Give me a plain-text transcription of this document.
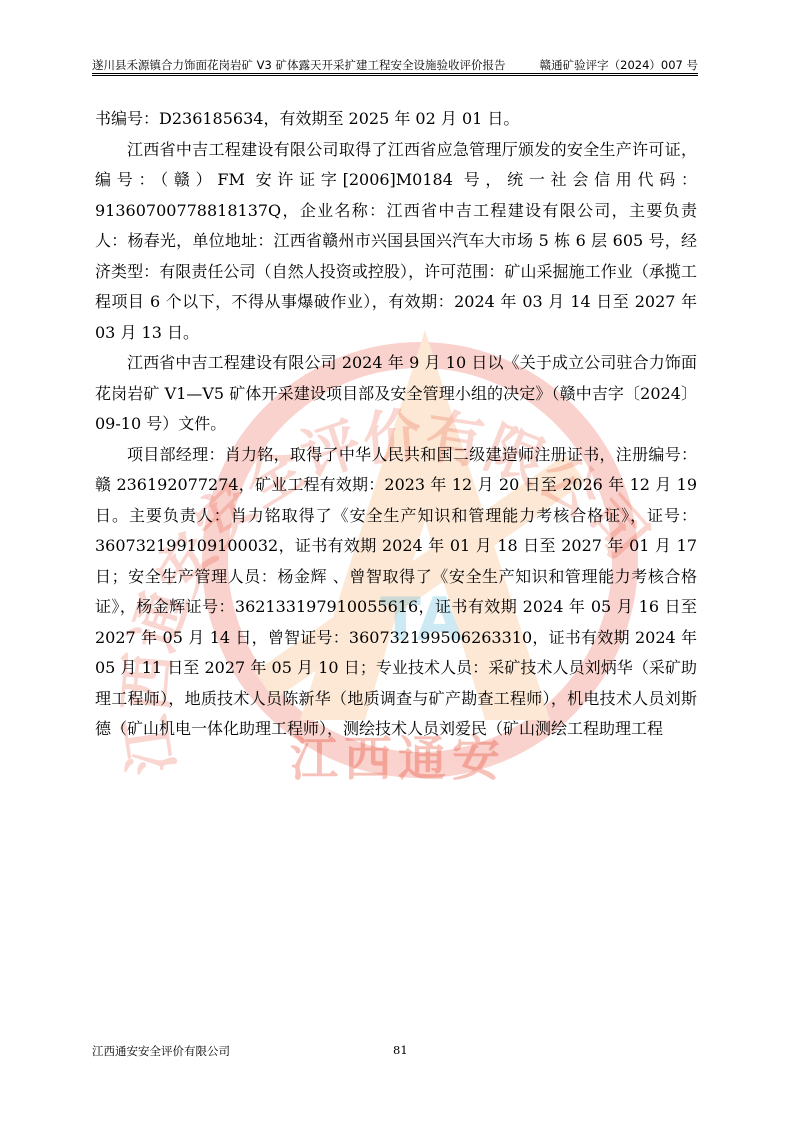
遂川县禾源镇合力饰面花岗岩矿 V3 矿体露天开采扩建工程安全设施验收评价报告	赣通矿验评字（2024）007 号
TA
江西通安安全评价有限公司
江西通安

书编号：D236185634，有效期至 2025 年 02 月 01 日。

江西省中吉工程建设有限公司取得了江西省应急管理厅颁发的安全生产许可证，编号：（赣）FM 安许证字[2006]M0184 号，统一社会信用代码：91360700778818137Q，企业名称：江西省中吉工程建设有限公司，主要负责人：杨春光，单位地址：江西省赣州市兴国县国兴汽车大市场 5 栋 6 层 605 号，经济类型：有限责任公司（自然人投资或控股），许可范围：矿山采掘施工作业（承揽工程项目 6 个以下，不得从事爆破作业），有效期：2024 年 03 月 14 日至 2027 年 03 月 13 日。

江西省中吉工程建设有限公司 2024 年 9 月 10 日以《关于成立公司驻合力饰面花岗岩矿 V1—V5 矿体开采建设项目部及安全管理小组的决定》（赣中吉字〔2024〕09-10 号）文件。

项目部经理：肖力铭，取得了中华人民共和国二级建造师注册证书，注册编号：赣 236192077274，矿业工程有效期：2023 年 12 月 20 日至 2026 年 12 月 19 日。主要负责人：肖力铭取得了《安全生产知识和管理能力考核合格证》，证号：360732199109100032，证书有效期 2024 年 01 月 18 日至 2027 年 01 月 17 日；安全生产管理人员：杨金辉 、曾智取得了《安全生产知识和管理能力考核合格证》，杨金辉证号：362133197910055616，证书有效期 2024 年 05 月 16 日至 2027 年 05 月 14 日，曾智证号：360732199506263310，证书有效期 2024 年 05 月 11 日至 2027 年 05 月 10 日；专业技术人员：采矿技术人员刘炳华（采矿助理工程师），地质技术人员陈新华（地质调查与矿产勘查工程师），机电技术人员刘斯德（矿山机电一体化助理工程师），测绘技术人员刘爱民（矿山测绘工程助理工程

江西通安安全评价有限公司	81
